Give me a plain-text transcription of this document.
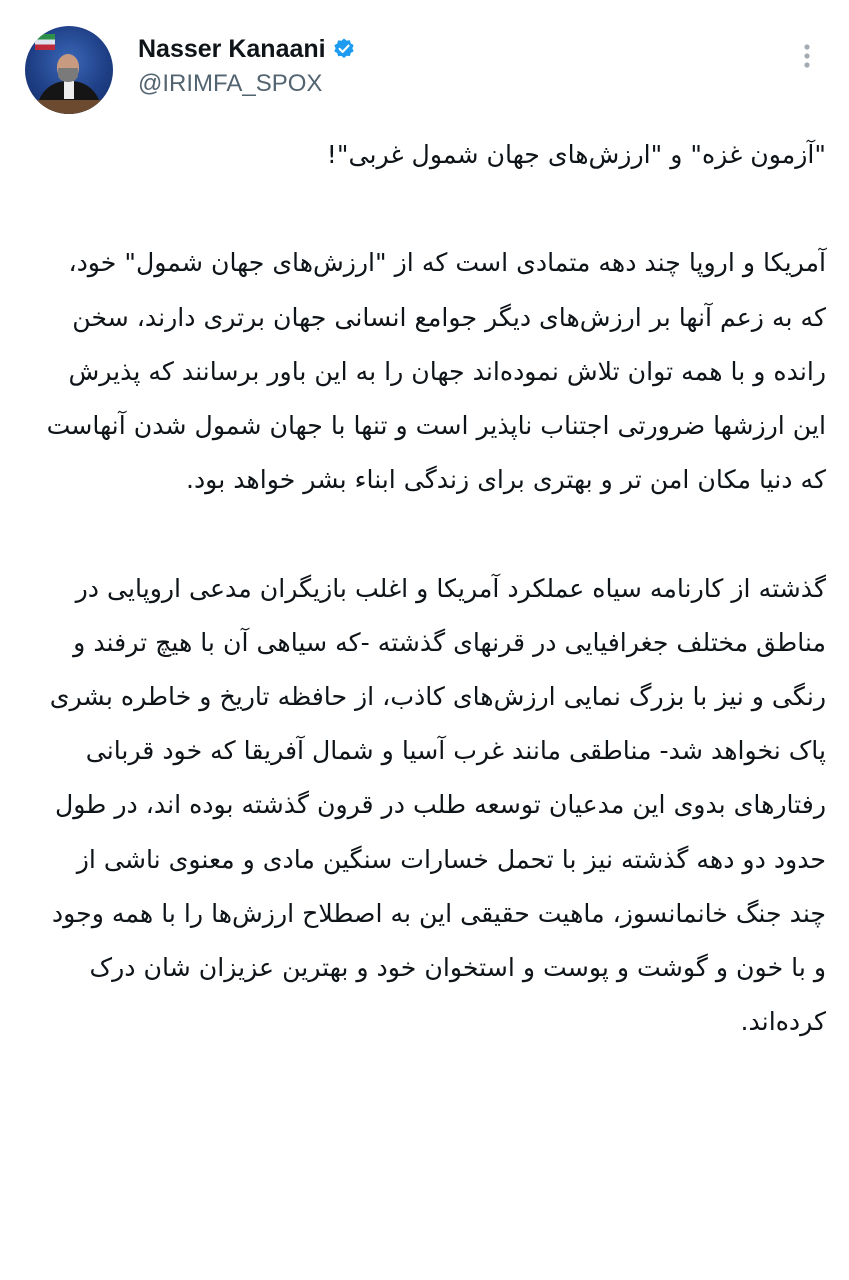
Nasser Kanaani
@IRIMFA_SPOX

"آزمون غزه" و "ارزش‌های جهان شمول غربی"!

آمریکا و اروپا چند دهه متمادی است که از "ارزش‌های جهان شمول" خود، که به زعم آنها بر ارزش‌های دیگر جوامع انسانی جهان برتری دارند، سخن رانده و با همه توان تلاش نموده‌اند جهان را به این باور برسانند که پذیرش این ارزشها ضرورتی اجتناب ناپذیر است و تنها با جهان شمول شدن آنهاست که دنیا مکان امن تر و بهتری برای زندگی ابناء بشر خواهد بود.

گذشته از کارنامه سیاه عملکرد آمریکا و اغلب بازیگران مدعی اروپایی در مناطق مختلف جغرافیایی در قرنهای گذشته -که سیاهی آن با هیچ ترفند و رنگی و نیز با بزرگ نمایی ارزش‌های کاذب، از حافظه تاریخ و خاطره بشری پاک نخواهد شد- مناطقی مانند غرب آسیا و شمال آفریقا که خود قربانی رفتارهای بدوی این مدعیان توسعه طلب در قرون گذشته بوده اند، در طول حدود دو دهه گذشته نیز با تحمل خسارات سنگین مادی و معنوی ناشی از چند جنگ خانمانسوز، ماهیت حقیقی این به اصطلاح ارزش‌ها را با همه وجود و با خون و گوشت و پوست و استخوان خود و بهترین عزیزان شان درک کرده‌اند.
